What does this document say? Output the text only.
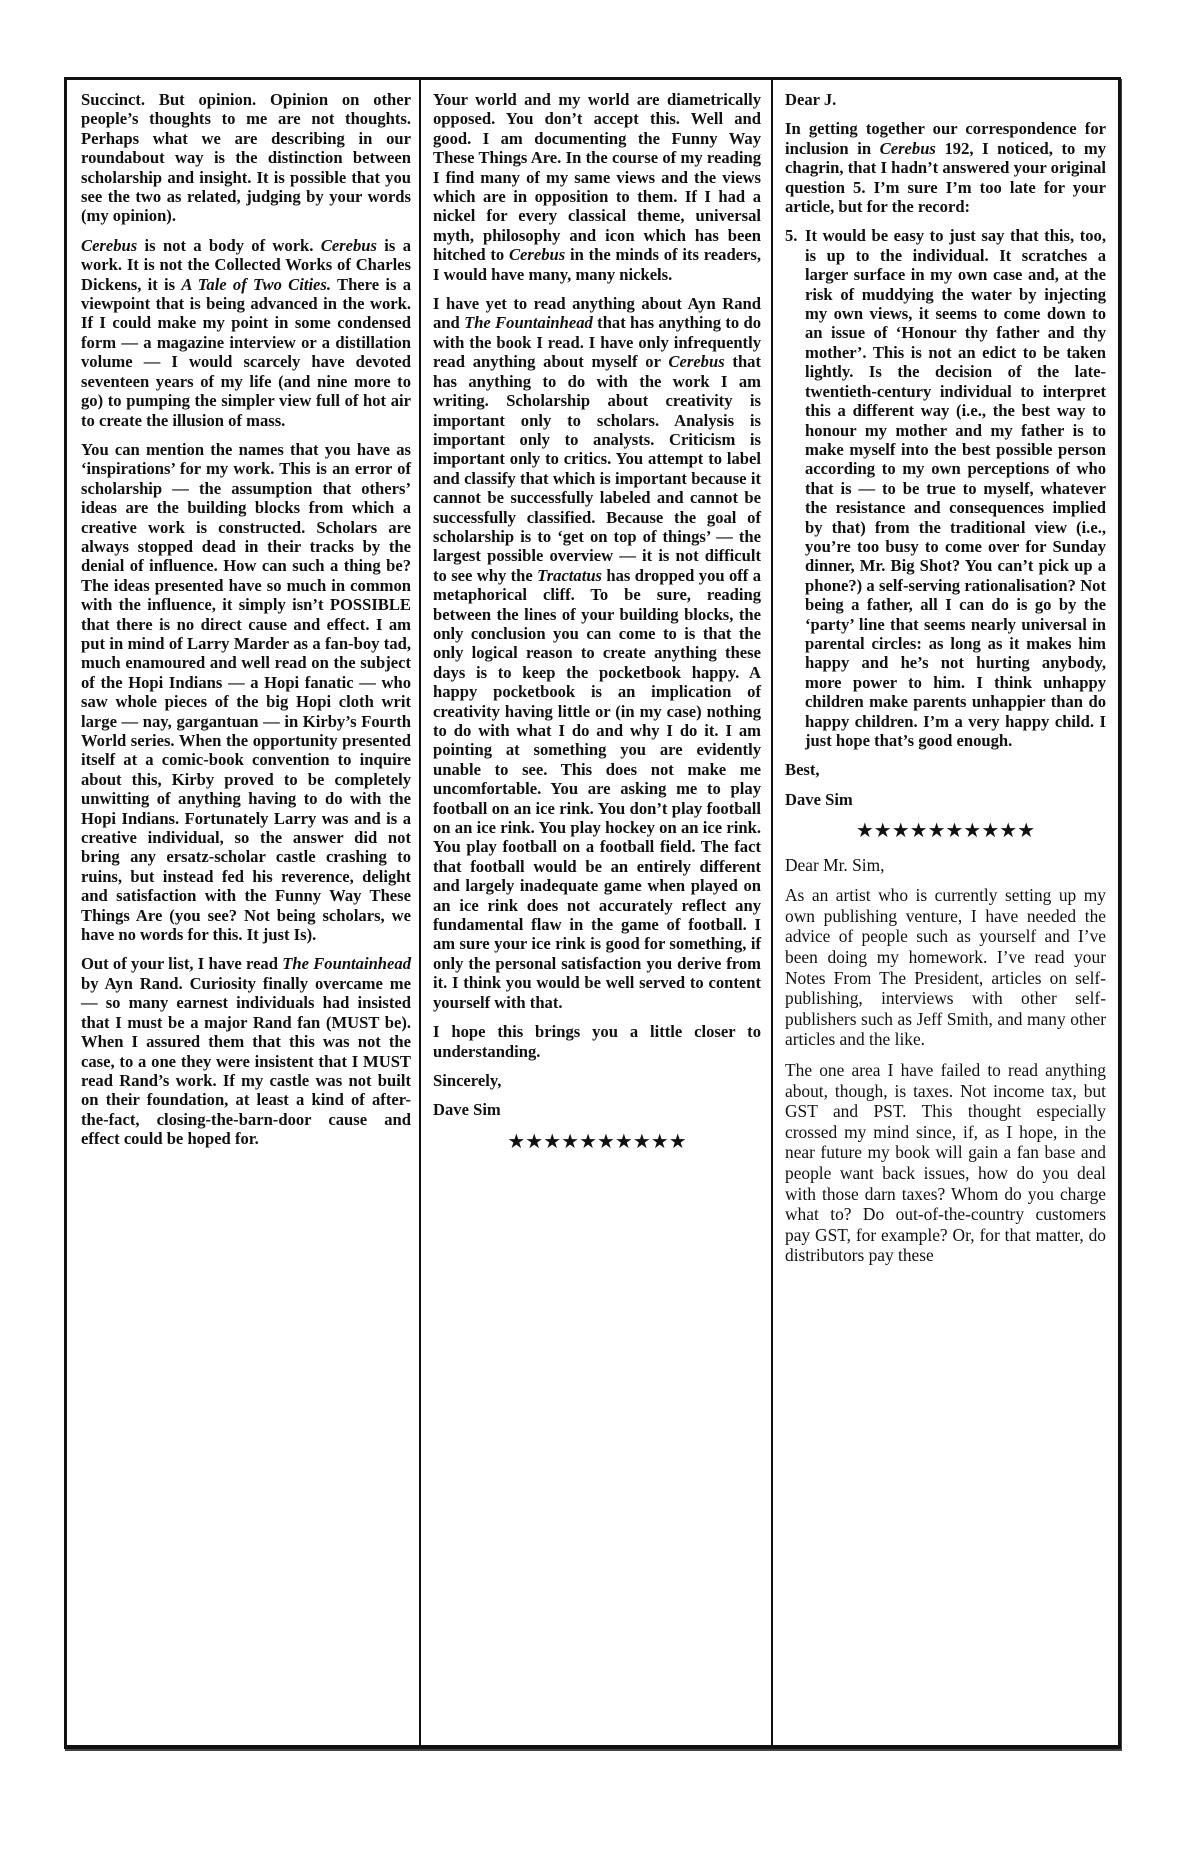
Succinct. But opinion. Opinion on other people’s thoughts to me are not thoughts. Perhaps what we are describing in our roundabout way is the distinction between scholarship and insight. It is possible that you see the two as related, judging by your words (my opinion).

Cerebus is not a body of work. Cerebus is a work. It is not the Collected Works of Charles Dickens, it is A Tale of Two Cities. There is a viewpoint that is being advanced in the work. If I could make my point in some condensed form — a magazine interview or a distillation volume — I would scarcely have devoted seventeen years of my life (and nine more to go) to pumping the simpler view full of hot air to create the illusion of mass.

You can mention the names that you have as ‘inspirations’ for my work. This is an error of scholarship — the assumption that others’ ideas are the building blocks from which a creative work is constructed. Scholars are always stopped dead in their tracks by the denial of influence. How can such a thing be? The ideas presented have so much in common with the influence, it simply isn’t POSSIBLE that there is no direct cause and effect. I am put in mind of Larry Marder as a fan-boy tad, much enamoured and well read on the subject of the Hopi Indians — a Hopi fanatic — who saw whole pieces of the big Hopi cloth writ large — nay, gargantuan — in Kirby’s Fourth World series. When the opportunity presented itself at a comic-book convention to inquire about this, Kirby proved to be completely unwitting of anything having to do with the Hopi Indians. Fortunately Larry was and is a creative individual, so the answer did not bring any ersatz-scholar castle crashing to ruins, but instead fed his reverence, delight and satisfaction with the Funny Way These Things Are (you see? Not being scholars, we have no words for this. It just Is).

Out of your list, I have read The Fountainhead by Ayn Rand. Curiosity finally overcame me — so many earnest individuals had insisted that I must be a major Rand fan (MUST be). When I assured them that this was not the case, to a one they were insistent that I MUST read Rand’s work. If my castle was not built on their foundation, at least a kind of after-the-fact, closing-the-barn-door cause and effect could be hoped for.

Your world and my world are diametrically opposed. You don’t accept this. Well and good. I am documenting the Funny Way These Things Are. In the course of my reading I find many of my same views and the views which are in opposition to them. If I had a nickel for every classical theme, universal myth, philosophy and icon which has been hitched to Cerebus in the minds of its readers, I would have many, many nickels.

I have yet to read anything about Ayn Rand and The Fountainhead that has anything to do with the book I read. I have only infrequently read anything about myself or Cerebus that has anything to do with the work I am writing. Scholarship about creativity is important only to scholars. Analysis is important only to analysts. Criticism is important only to critics. You attempt to label and classify that which is important because it cannot be successfully labeled and cannot be successfully classified. Because the goal of scholarship is to ‘get on top of things’ — the largest possible overview — it is not difficult to see why the Tractatus has dropped you off a metaphorical cliff. To be sure, reading between the lines of your building blocks, the only conclusion you can come to is that the only logical reason to create anything these days is to keep the pocketbook happy. A happy pocketbook is an implication of creativity having little or (in my case) nothing to do with what I do and why I do it. I am pointing at something you are evidently unable to see. This does not make me uncomfortable. You are asking me to play football on an ice rink. You don’t play football on an ice rink. You play hockey on an ice rink. You play football on a football field. The fact that football would be an entirely different and largely inadequate game when played on an ice rink does not accurately reflect any fundamental flaw in the game of football. I am sure your ice rink is good for something, if only the personal satisfaction you derive from it. I think you would be well served to content yourself with that.

I hope this brings you a little closer to understanding.

Sincerely,

Dave Sim

★★★★★★★★★★

Dear J.

In getting together our correspondence for inclusion in Cerebus 192, I noticed, to my chagrin, that I hadn’t answered your original question 5. I’m sure I’m too late for your article, but for the record:

5. It would be easy to just say that this, too, is up to the individual. It scratches a larger surface in my own case and, at the risk of muddying the water by injecting my own views, it seems to come down to an issue of ‘Honour thy father and thy mother’. This is not an edict to be taken lightly. Is the decision of the late-twentieth-century individual to interpret this a different way (i.e., the best way to honour my mother and my father is to make myself into the best possible person according to my own perceptions of who that is — to be true to myself, whatever the resistance and consequences implied by that) from the traditional view (i.e., you’re too busy to come over for Sunday dinner, Mr. Big Shot? You can’t pick up a phone?) a self-serving rationalisation? Not being a father, all I can do is go by the ‘party’ line that seems nearly universal in parental circles: as long as it makes him happy and he’s not hurting anybody, more power to him. I think unhappy children make parents unhappier than do happy children. I’m a very happy child. I just hope that’s good enough.

Best,

Dave Sim

★★★★★★★★★★

Dear Mr. Sim,

As an artist who is currently setting up my own publishing venture, I have needed the advice of people such as yourself and I’ve been doing my homework. I’ve read your Notes From The President, articles on self-publishing, interviews with other self-publishers such as Jeff Smith, and many other articles and the like.

The one area I have failed to read anything about, though, is taxes. Not income tax, but GST and PST. This thought especially crossed my mind since, if, as I hope, in the near future my book will gain a fan base and people want back issues, how do you deal with those darn taxes? Whom do you charge what to? Do out-of-the-country customers pay GST, for example? Or, for that matter, do distributors pay these
